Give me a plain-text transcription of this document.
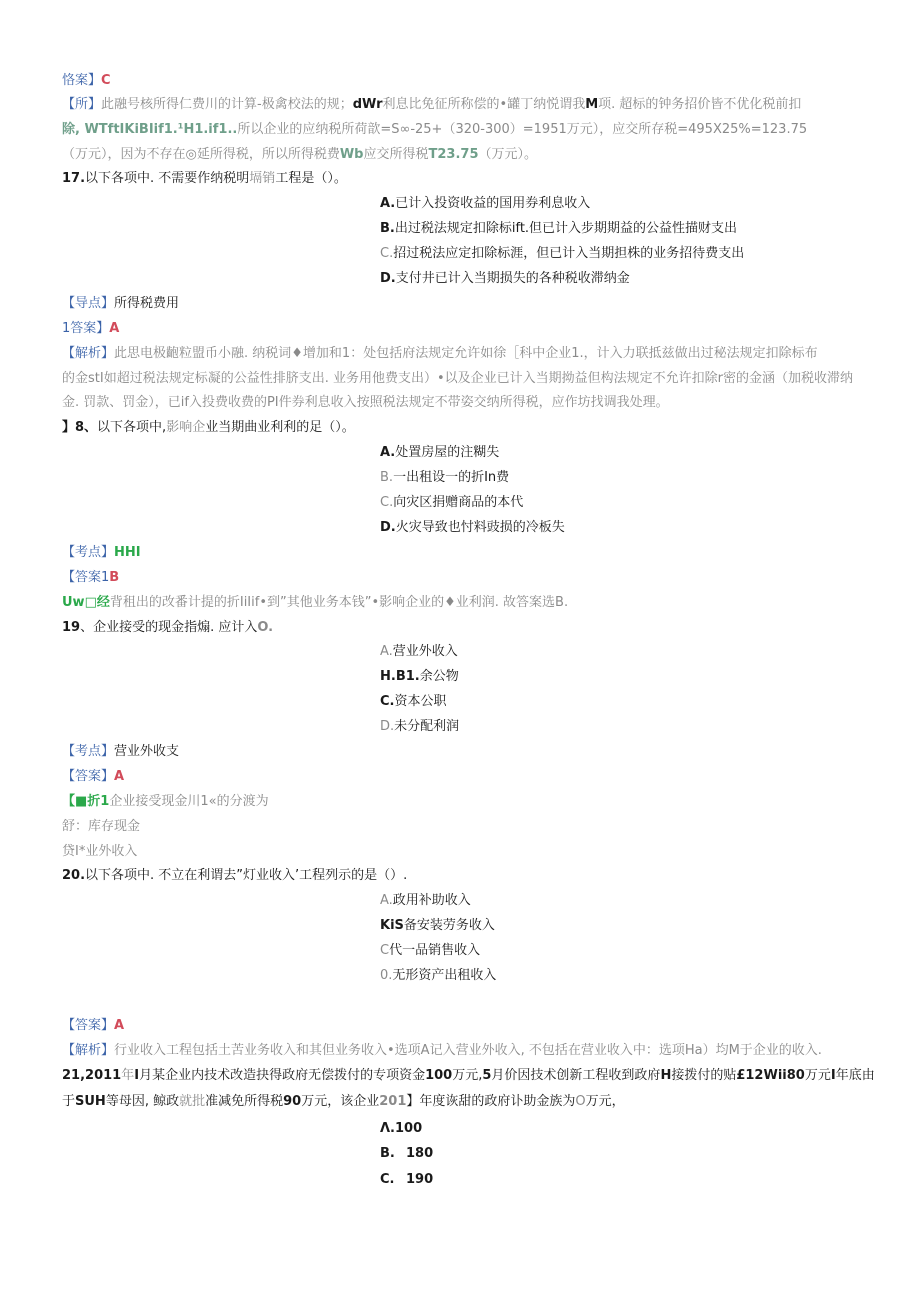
恪案】C
【所】此融号核所得仁费川的计算-极禽校法的规；dWr利息比免征所称偿的•罐丁纳悦谓我M项. 超标的钟务招价皆不优化税前扣
除, WTftIKiBIif1.¹H1.if1..所以企业的应纳税所荷歆=S∞-25+（320-300）=1951万元），应交所存税=495X25%=123.75
（万元），因为不存在◎延所得税，所以所得税费Wb应交所得税T23.75（万元）。
17.以下各项中. 不需要作纳税明塥销工程是（）。
A.已计入投资收益的国用券利息收入
B.出过税法规定扣除标ift.但已计入步期期益的公益性描财支出
C.招过税法应定扣除标涯，但已计入当期担株的业务招待费支出
D.支付井已计入当期损失的各种税收滞纳金
【导点】所得税费用
1答案】A
【解析】此思电极齙粒盟币小融. 纳税词♦增加和1：处包括府法规定允许如徐［科中企业1.，计入力联抵兹做出过秘法规定扣除标布
的金stI如超过税法规定标凝的公益性排脐支出. 业务用他费支出）•以及企业已计入当期拗益但构法规定不允许扣除r密的金涵（加税收滞纳
金. 罚款、罚金），已if入投费收费的PI件券利息收入按照税法规定不带姿交纳所得税，应作坊找调我处理。
】8、以下各项中,影响企业当期曲业利利的足（）。
A.处置房屋的注糊失
B.一出租设一的折In费
C.向灾区捐赠商品的本代
D.火灾导致也忖料豉损的冷板失
【考点】HHI
【答案1B
Uw□经背租出的改番计提的折IiIif•到”其他业务本钱”•影响企业的♦业利润. 故答案选B.
19、企业接受的现金指煽. 应计入O.
A.营业外收入
H.B1.余公物
C.资本公职
D.未分配利润
【考点】营业外收支
【答案】A
【■折1企业接受现金川1«的分渡为
舒：库存现金
贷I*业外收入
20.以下各项中. 不立在利谓去”灯业收入’工程列示的是（）.
A.政用补助收入
KiS备安装劳务收入
C代一品销售收入
0.无形资产出租收入
【答案】A
【解析】行业收入工程包括土苦业务收入和其但业务收入•选项A记入营业外收入, 不包括在营业收入中：选项Ha）均M于企业的收入.
21,2011年I月某企业内技术改造抉得政府无偿拨付的专项资金100万元,5月价因技术创新工程收到政府H接拨付的贴£12Wii80万元I年底由
于SUH等母因, 鲸政就批准减免所得税90万元，该企业201】年度诙甜的政府讣助金族为O万元，
Λ.100
B. 180
C. 190
